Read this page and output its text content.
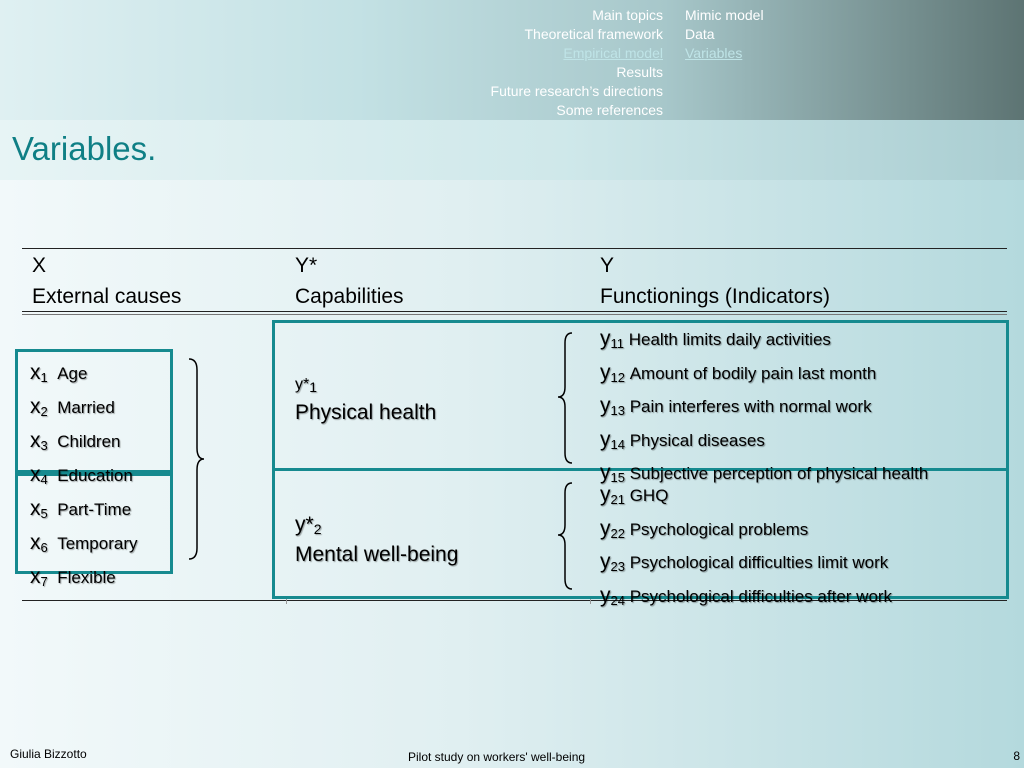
Main topics
Theoretical framework
Empirical model
Results
Future research’s directions
Some references
Mimic model
Data
Variables
Variables.
X
External causes
Y*
Capabilities
Y
Functionings (Indicators)
$x_1$ Age
$x_2$ Married
$x_3$ Children
$x_4$ Education
$x_5$ Part-Time
$x_6$ Temporary
$x_7$ Flexible
$y*_1$
Physical health
$y*_2$
Mental well-being
$y_{11}$ Health limits daily activities
$y_{12}$ Amount of bodily pain last month
$y_{13}$ Pain interferes with normal work
$y_{14}$ Physical diseases
$y_{15}$ Subjective perception of physical health
$y_{21}$ GHQ
$y_{22}$ Psychological problems
$y_{23}$ Psychological difficulties limit work
$y_{24}$ Psychological difficulties after work
Giulia Bizzotto	Pilot study on workers' well-being	8
